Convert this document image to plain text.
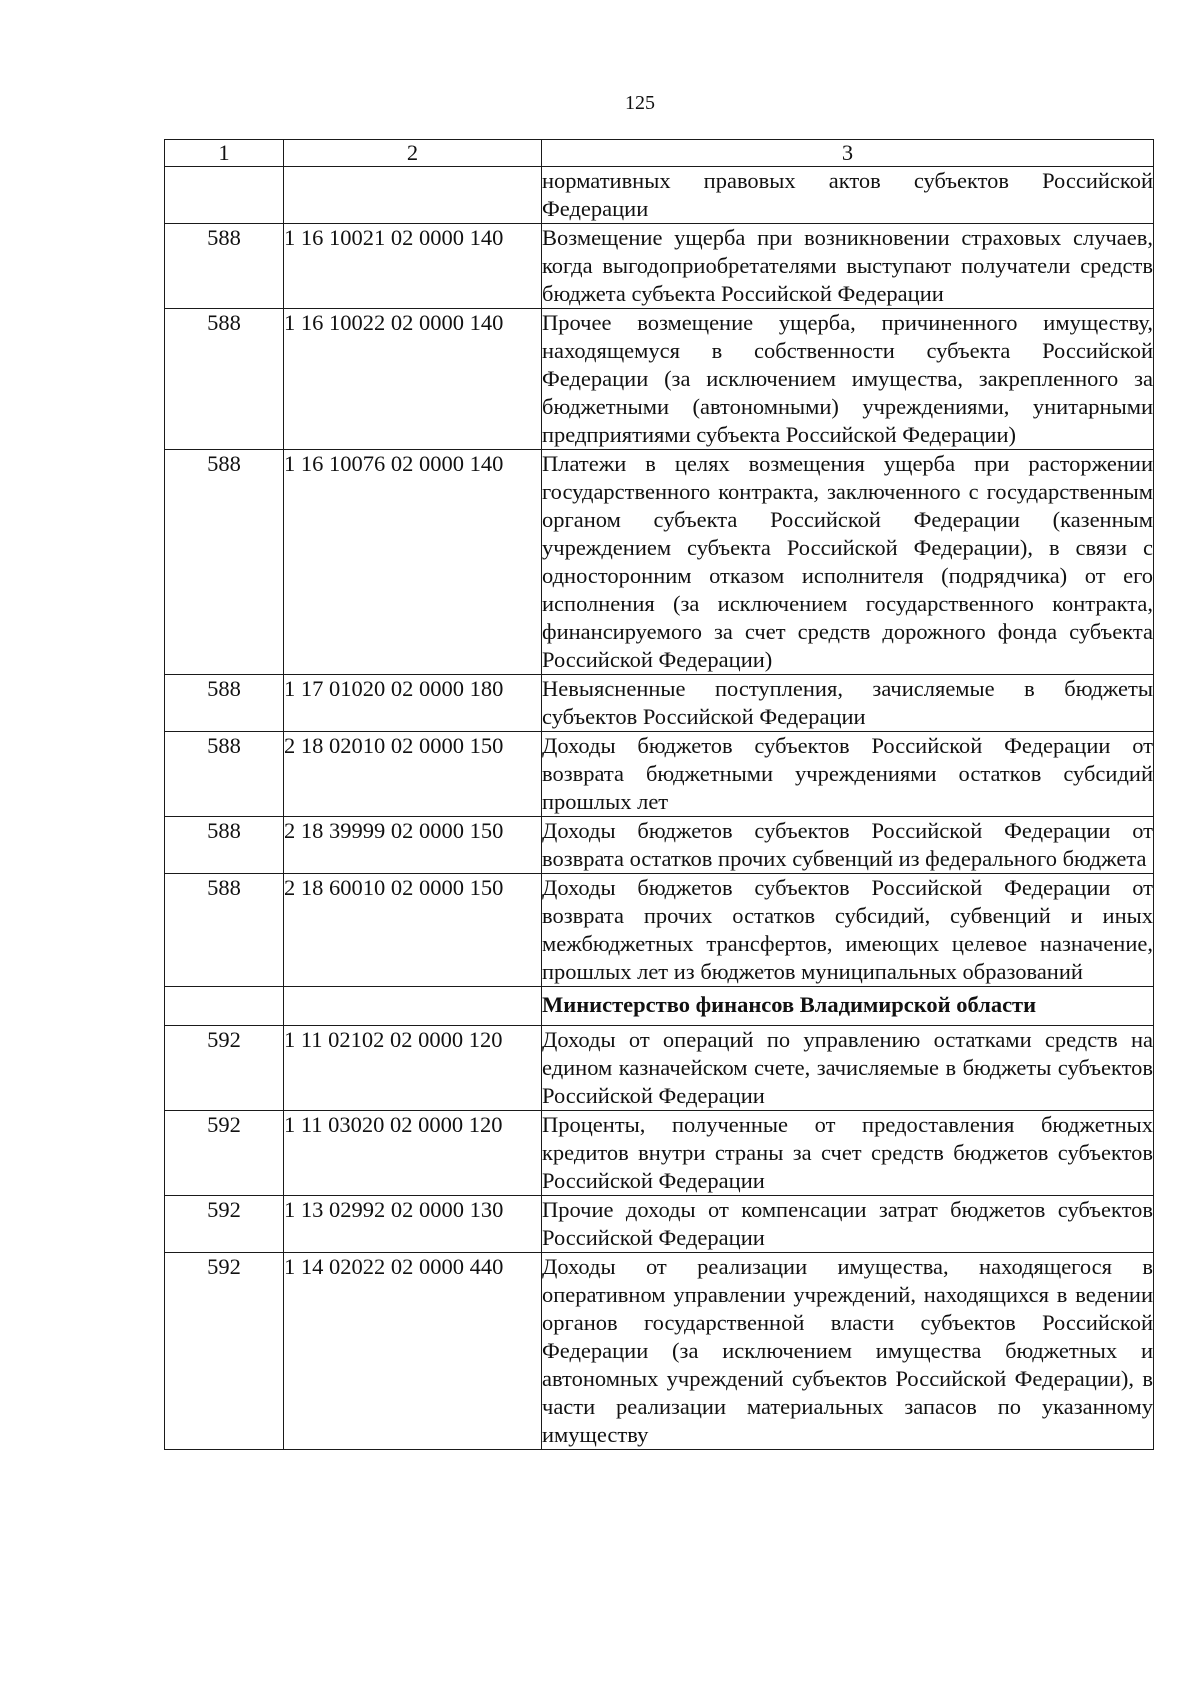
125
1	2	3
		нормативных правовых актов субъектов Российской Федерации
588	1 16 10021 02 0000 140	Возмещение ущерба при возникновении страховых случаев, когда выгодоприобретателями выступают получатели средств бюджета субъекта Российской Федерации
588	1 16 10022 02 0000 140	Прочее возмещение ущерба, причиненного имуществу, находящемуся в собственности субъекта Российской Федерации (за исключением имущества, закрепленного за бюджетными (автономными) учреждениями, унитарными предприятиями субъекта Российской Федерации)
588	1 16 10076 02 0000 140	Платежи в целях возмещения ущерба при расторжении государственного контракта, заключенного с государственным органом субъекта Российской Федерации (казенным учреждением субъекта Российской Федерации), в связи с односторонним отказом исполнителя (подрядчика) от его исполнения (за исключением государственного контракта, финансируемого за счет средств дорожного фонда субъекта Российской Федерации)
588	1 17 01020 02 0000 180	Невыясненные поступления, зачисляемые в бюджеты субъектов Российской Федерации
588	2 18 02010 02 0000 150	Доходы бюджетов субъектов Российской Федерации от возврата бюджетными учреждениями остатков субсидий прошлых лет
588	2 18 39999 02 0000 150	Доходы бюджетов субъектов Российской Федерации от возврата остатков прочих субвенций из федерального бюджета
588	2 18 60010 02 0000 150	Доходы бюджетов субъектов Российской Федерации от возврата прочих остатков субсидий, субвенций и иных межбюджетных трансфертов, имеющих целевое назначение, прошлых лет из бюджетов муниципальных образований
		Министерство финансов Владимирской области
592	1 11 02102 02 0000 120	Доходы от операций по управлению остатками средств на едином казначейском счете, зачисляемые в бюджеты субъектов Российской Федерации
592	1 11 03020 02 0000 120	Проценты, полученные от предоставления бюджетных кредитов внутри страны за счет средств бюджетов субъектов Российской Федерации
592	1 13 02992 02 0000 130	Прочие доходы от компенсации затрат бюджетов субъектов Российской Федерации
592	1 14 02022 02 0000 440	Доходы от реализации имущества, находящегося в оперативном управлении учреждений, находящихся в ведении органов государственной власти субъектов Российской Федерации (за исключением имущества бюджетных и автономных учреждений субъектов Российской Федерации), в части реализации материальных запасов по указанному имуществу
